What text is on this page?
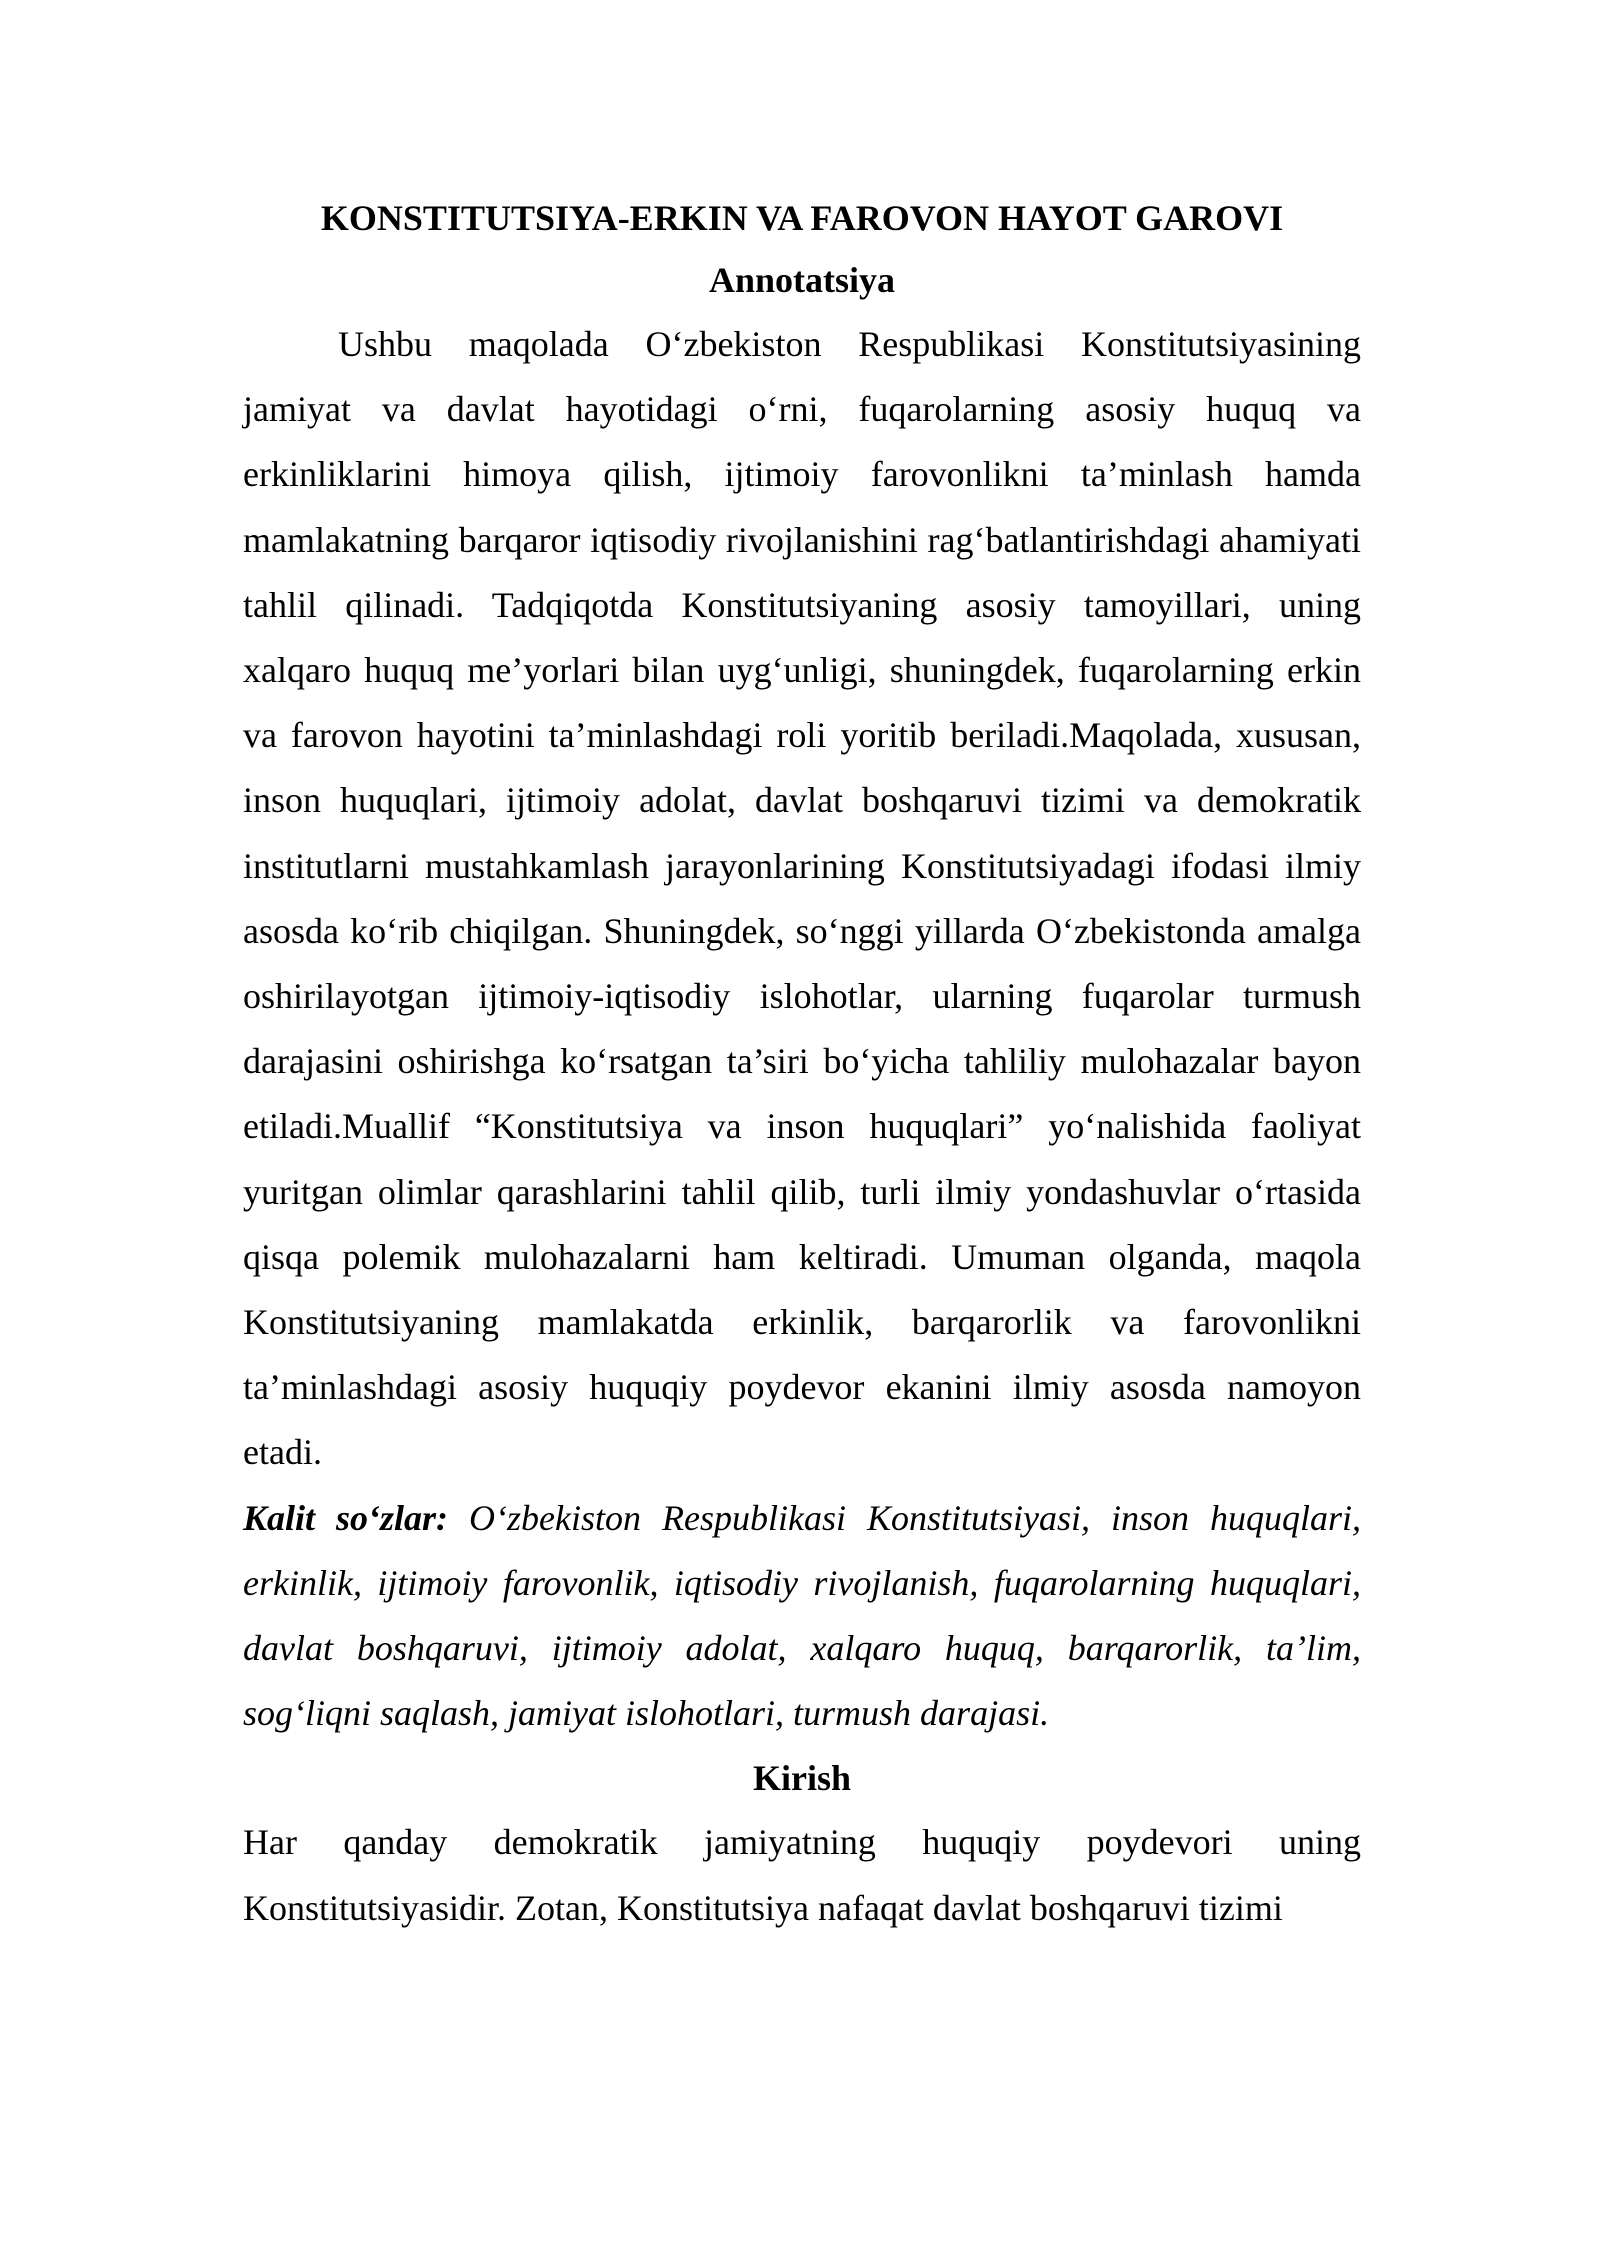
KONSTITUTSIYA-ERKIN VA FAROVON HAYOT GAROVI
Annotatsiya

Ushbu maqolada O‘zbekiston Respublikasi Konstitutsiyasining jamiyat va davlat hayotidagi o‘rni, fuqarolarning asosiy huquq va erkinliklarini himoya qilish, ijtimoiy farovonlikni ta’minlash hamda mamlakatning barqaror iqtisodiy rivojlanishini rag‘batlantirishdagi ahamiyati tahlil qilinadi. Tadqiqotda Konstitutsiyaning asosiy tamoyillari, uning xalqaro huquq me’yorlari bilan uyg‘unligi, shuningdek, fuqarolarning erkin va farovon hayotini ta’minlashdagi roli yoritib beriladi.Maqolada, xususan, inson huquqlari, ijtimoiy adolat, davlat boshqaruvi tizimi va demokratik institutlarni mustahkamlash jarayonlarining Konstitutsiyadagi ifodasi ilmiy asosda ko‘rib chiqilgan. Shuningdek, so‘nggi yillarda O‘zbekistonda amalga oshirilayotgan ijtimoiy-iqtisodiy islohotlar, ularning fuqarolar turmush darajasini oshirishga ko‘rsatgan ta’siri bo‘yicha tahliliy mulohazalar bayon etiladi.Muallif “Konstitutsiya va inson huquqlari” yo‘nalishida faoliyat yuritgan olimlar qarashlarini tahlil qilib, turli ilmiy yondashuvlar o‘rtasida qisqa polemik mulohazalarni ham keltiradi. Umuman olganda, maqola Konstitutsiyaning mamlakatda erkinlik, barqarorlik va farovonlikni ta’minlashdagi asosiy huquqiy poydevor ekanini ilmiy asosda namoyon etadi.

Kalit so‘zlar: O‘zbekiston Respublikasi Konstitutsiyasi, inson huquqlari, erkinlik, ijtimoiy farovonlik, iqtisodiy rivojlanish, fuqarolarning huquqlari, davlat boshqaruvi, ijtimoiy adolat, xalqaro huquq, barqarorlik, ta’lim, sog‘liqni saqlash, jamiyat islohotlari, turmush darajasi.

Kirish

Har qanday demokratik jamiyatning huquqiy poydevori uning Konstitutsiyasidir. Zotan, Konstitutsiya nafaqat davlat boshqaruvi tizimi
